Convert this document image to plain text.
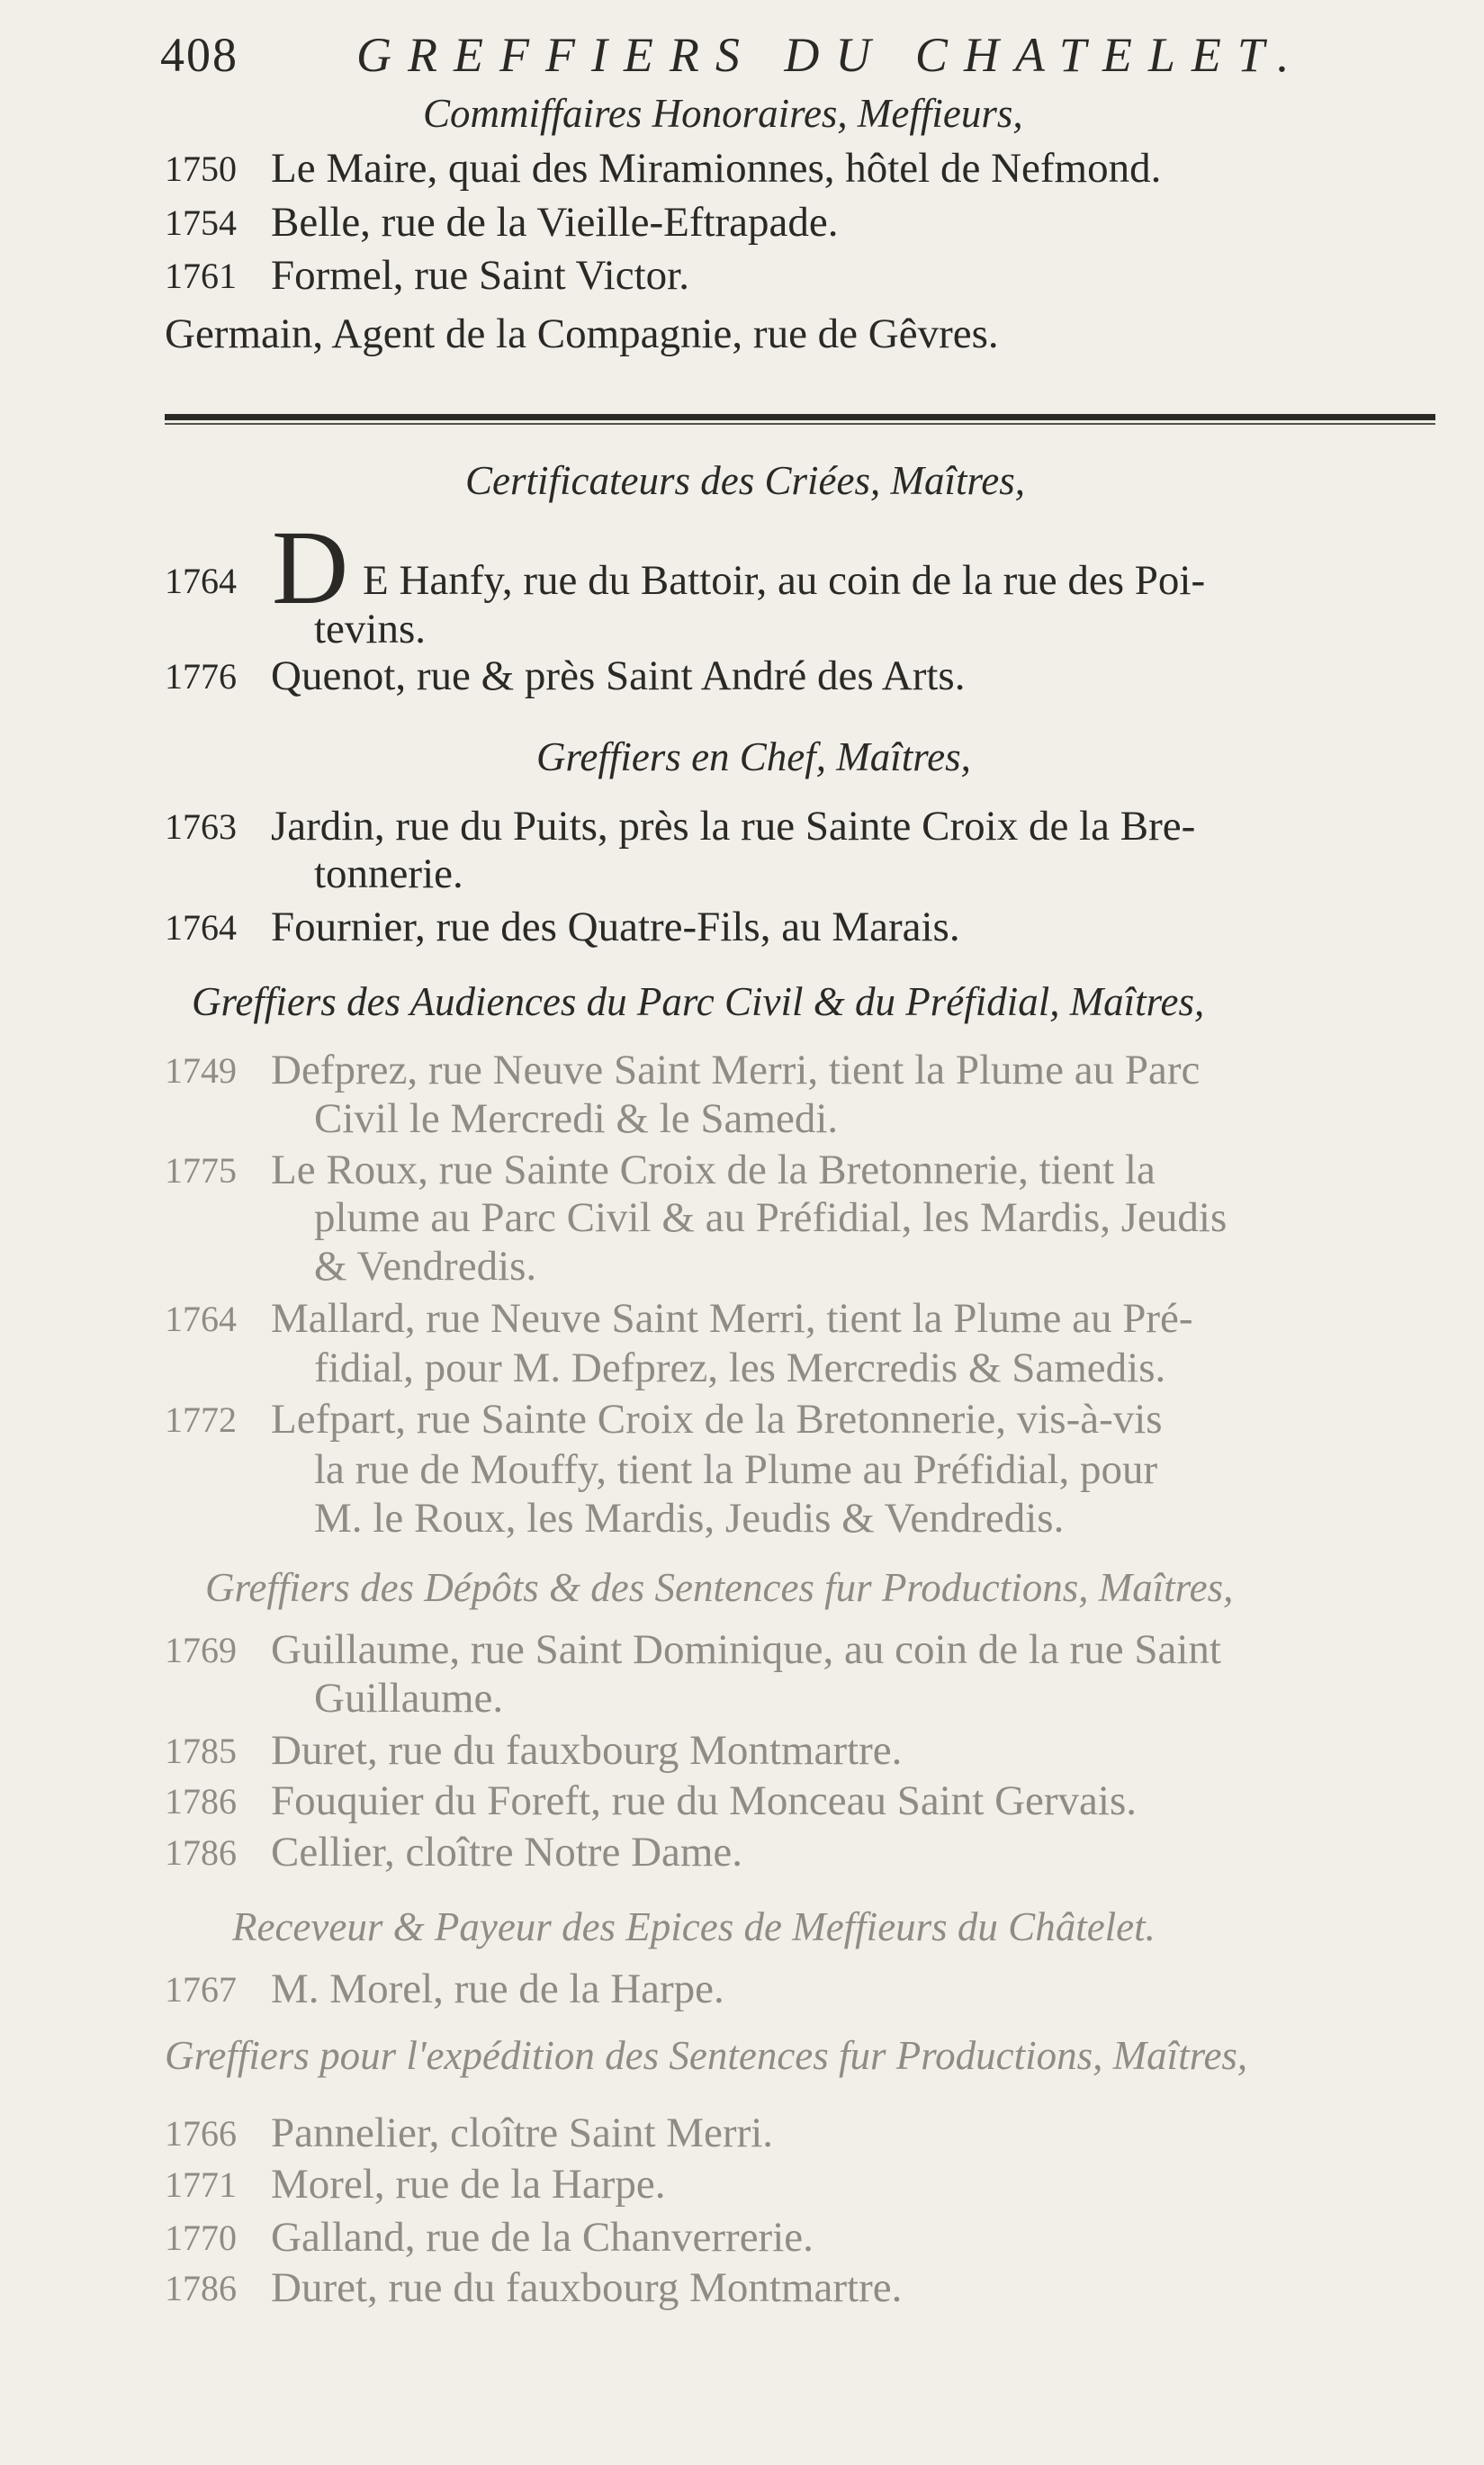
408 GREFFIERS DU CHATELET.
Commiffaires Honoraires, Meffieurs,
1750 Le Maire, quai des Miramionnes, hôtel de Nefmond.
1754 Belle, rue de la Vieille-Eftrapade.
1761 Formel, rue Saint Victor.
Germain, Agent de la Compagnie, rue de Gêvres.
Certificateurs des Criées, Maîtres,
D
1764	E Hanfy, rue du Battoir, au coin de la rue des Poi-
tevins.
1776 Quenot, rue & près Saint André des Arts.
Greffiers en Chef, Maîtres,
1763 Jardin, rue du Puits, près la rue Sainte Croix de la Bre-
tonnerie.
1764 Fournier, rue des Quatre-Fils, au Marais.
Greffiers des Audiences du Parc Civil & du Préfidial, Maîtres,
1749 Defprez, rue Neuve Saint Merri, tient la Plume au Parc
Civil le Mercredi & le Samedi.
1775 Le Roux, rue Sainte Croix de la Bretonnerie, tient la
plume au Parc Civil & au Préfidial, les Mardis, Jeudis
& Vendredis.
1764 Mallard, rue Neuve Saint Merri, tient la Plume au Pré-
fidial, pour M. Defprez, les Mercredis & Samedis.
1772 Lefpart, rue Sainte Croix de la Bretonnerie, vis-à-vis
la rue de Mouffy, tient la Plume au Préfidial, pour
M. le Roux, les Mardis, Jeudis & Vendredis.
Greffiers des Dépôts & des Sentences fur Productions, Maîtres,
1769 Guillaume, rue Saint Dominique, au coin de la rue Saint
Guillaume.
1785 Duret, rue du fauxbourg Montmartre.
1786 Fouquier du Foreft, rue du Monceau Saint Gervais.
1786 Cellier, cloître Notre Dame.
Receveur & Payeur des Epices de Meffieurs du Châtelet.
1767 M. Morel, rue de la Harpe.
Greffiers pour l'expédition des Sentences fur Productions, Maîtres,
1766 Pannelier, cloître Saint Merri.
1771 Morel, rue de la Harpe.
1770 Galland, rue de la Chanverrerie.
1786 Duret, rue du fauxbourg Montmartre.
